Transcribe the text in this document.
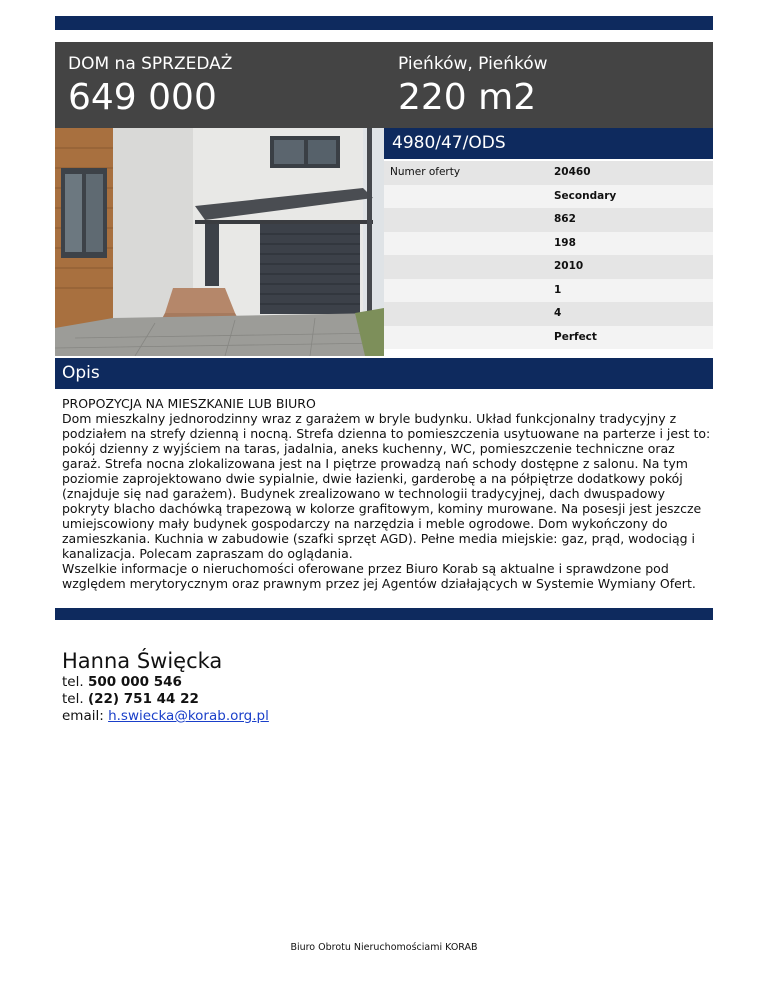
DOM na SPRZEDAŻ
649 000
Pieńków, Pieńków
220 m2
4980/47/ODS
Numer oferty	20460
Secondary
862
198
2010
1
4
Perfect
Opis

PROPOZYCJA NA MIESZKANIE LUB BIURO

Dom mieszkalny jednorodzinny wraz z garażem w bryle budynku. Układ funkcjonalny tradycyjny z podziałem na strefy dzienną i nocną. Strefa dzienna to pomieszczenia usytuowane na parterze i jest to: pokój dzienny z wyjściem na taras, jadalnia, aneks kuchenny, WC, pomieszczenie techniczne oraz garaż. Strefa nocna zlokalizowana jest na I piętrze prowadzą nań schody dostępne z salonu. Na tym poziomie zaprojektowano dwie sypialnie, dwie łazienki, garderobę a na półpiętrze dodatkowy pokój (znajduje się nad garażem). Budynek zrealizowano w technologii tradycyjnej, dach dwuspadowy pokryty blacho dachówką trapezową w kolorze grafitowym, kominy murowane. Na posesji jest jeszcze umiejscowiony mały budynek gospodarczy na narzędzia i meble ogrodowe. Dom wykończony do zamieszkania. Kuchnia w zabudowie (szafki sprzęt AGD). Pełne media miejskie: gaz, prąd, wodociąg i kanalizacja. Polecam zapraszam do oglądania.

Wszelkie informacje o nieruchomości oferowane przez Biuro Korab są aktualne i sprawdzone pod względem merytorycznym oraz prawnym przez jej Agentów działających w Systemie Wymiany Ofert.

Hanna Święcka
tel. 500 000 546
tel. (22) 751 44 22
email: h.swiecka@korab.org.pl
Biuro Obrotu Nieruchomościami KORAB
